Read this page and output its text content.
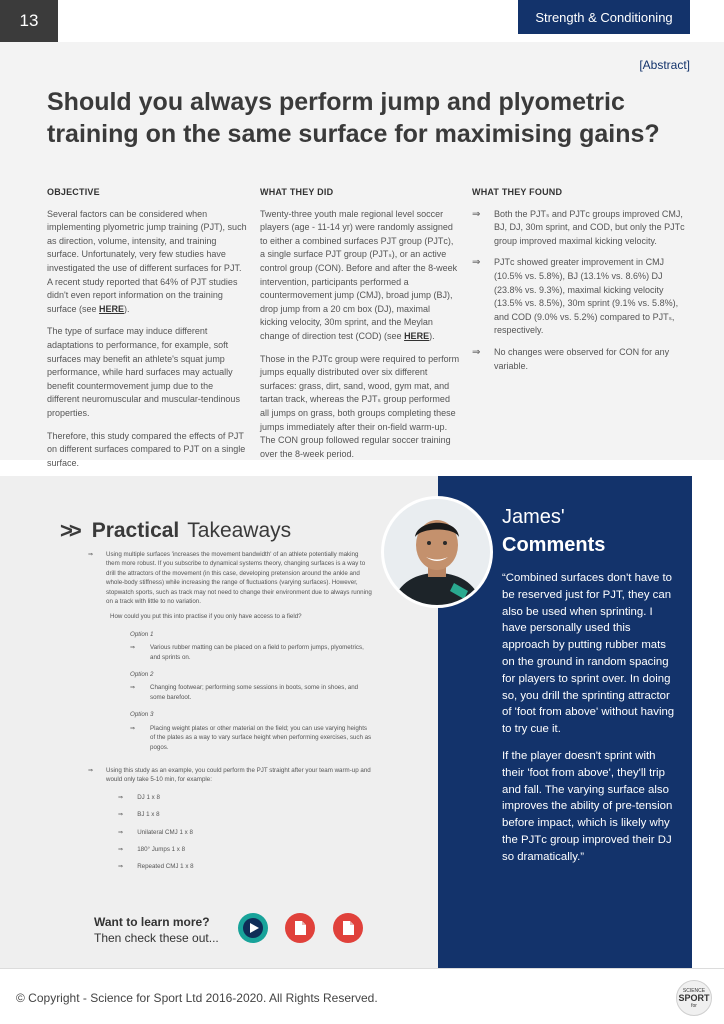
13	Strength & Conditioning
[Abstract]
Should you always perform jump and plyometric training on the same surface for maximising gains?
OBJECTIVE

Several factors can be considered when implementing plyometric jump training (PJT), such as direction, volume, intensity, and training surface. Unfortunately, very few studies have investigated the use of different surfaces for PJT. A recent study reported that 64% of PJT studies didn't even report information on the training surface (see HERE).

The type of surface may induce different adaptations to performance, for example, soft surfaces may benefit an athlete's squat jump performance, while hard surfaces may actually benefit countermovement jump due to the different neuromuscular and muscular-tendinous properties.

Therefore, this study compared the effects of PJT on different surfaces compared to PJT on a single surface.

WHAT THEY DID

Twenty-three youth male regional level soccer players (age - 11-14 yr) were randomly assigned to either a combined surfaces PJT group (PJTᴄ), a single surface PJT group (PJTₛ), or an active control group (CON). Before and after the 8-week intervention, participants performed a countermovement jump (CMJ), broad jump (BJ), drop jump from a 20 cm box (DJ), maximal kicking velocity, 30m sprint, and the Meylan change of direction test (COD) (see HERE).

Those in the PJTᴄ group were required to perform jumps equally distributed over six different surfaces: grass, dirt, sand, wood, gym mat, and tartan track, whereas the PJTₛ group performed all jumps on grass, both groups completing these jumps immediately after their on-field warm-up. The CON group followed regular soccer training over the 8-week period.

WHAT THEY FOUND
⇒	Both the PJTₛ and PJTᴄ groups improved CMJ, BJ, DJ, 30m sprint, and COD, but only the PJTᴄ group improved maximal kicking velocity.
⇒	PJTᴄ showed greater improvement in CMJ (10.5% vs. 5.8%), BJ (13.1% vs. 8.6%) DJ (23.8% vs. 9.3%), maximal kicking velocity (13.5% vs. 8.5%), 30m sprint (9.1% vs. 5.8%), and COD (9.0% vs. 5.2%) compared to PJTₛ, respectively.
⇒	No changes were observed for CON for any variable.
>> Practical Takeaways
⇒	Using multiple surfaces 'increases the movement bandwidth' of an athlete potentially making them more robust. If you subscribe to dynamical systems theory, changing surfaces is a way to drill the attractors of the movement (in this case, developing pretension around the ankle and whole-body stiffness) while increasing the range of fluctuations (varying surfaces). However, stopwatch sports, such as track may not need to change their environment due to always running on a track with little to no variation.
How could you put this into practise if you only have access to a field?
Option 1
⇒	Various rubber matting can be placed on a field to perform jumps, plyometrics, and sprints on.
Option 2
⇒	Changing footwear; performing some sessions in boots, some in shoes, and some barefoot.
Option 3
⇒	Placing weight plates or other material on the field; you can use varying heights of the plates as a way to vary surface height when performing exercises, such as pogos.
⇒	Using this study as an example, you could perform the PJT straight after your team warm-up and would only take 5-10 min, for example:
⇒ DJ 1 x 8
⇒ BJ 1 x 8
⇒ Unilateral CMJ 1 x 8
⇒ 180° Jumps 1 x 8
⇒ Repeated CMJ 1 x 8
Want to learn more?
Then check these out...
James'
Comments

“Combined surfaces don't have to be reserved just for PJT, they can also be used when sprinting. I have personally used this approach by putting rubber mats on the ground in random spacing for players to sprint over. In doing so, you drill the sprinting attractor of 'foot from above' without having to try cue it.

If the player doesn't sprint with their 'foot from above', they'll trip and fall. The varying surface also improves the ability of pre-tension before impact, which is likely why the PJTᴄ group improved their DJ so dramatically.”

© Copyright - Science for Sport Ltd 2016-2020. All Rights Reserved.
SCIENCE
SPORT
for
